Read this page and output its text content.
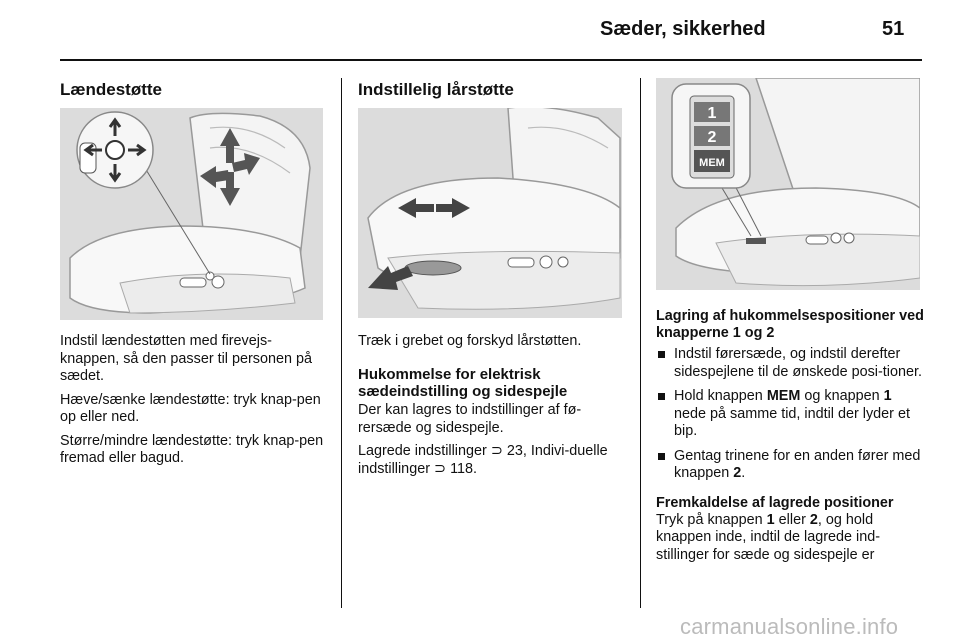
Sæder, sikkerhed	51
Lændestøtte

Indstil lændestøtten med firevejs-knappen, så den passer til personen på sædet.

Hæve/sænke lændestøtte: tryk knap-pen op eller ned.

Større/mindre lændestøtte: tryk knap-pen fremad eller bagud.

Indstillelig lårstøtte

Træk i grebet og forskyd lårstøtten.

Hukommelse for elektrisk sædeindstilling og sidespejle

Der kan lagres to indstillinger af fø-rersæde og sidespejle.

Lagrede indstillinger ⊃ 23, Indivi-duelle indstillinger ⊃ 118.

1
2
MEM
Lagring af hukommelsespositioner ved knapperne 1 og 2
Indstil førersæde, og indstil derefter sidespejlene til de ønskede posi-tioner.
Hold knappen MEM og knappen 1 nede på samme tid, indtil der lyder et bip.
Gentag trinene for en anden fører med knappen 2.
Fremkaldelse af lagrede positioner

Tryk på knappen 1 eller 2, og hold knappen inde, indtil de lagrede ind-stillinger for sæde og sidespejle er

carmanualsonline.info
